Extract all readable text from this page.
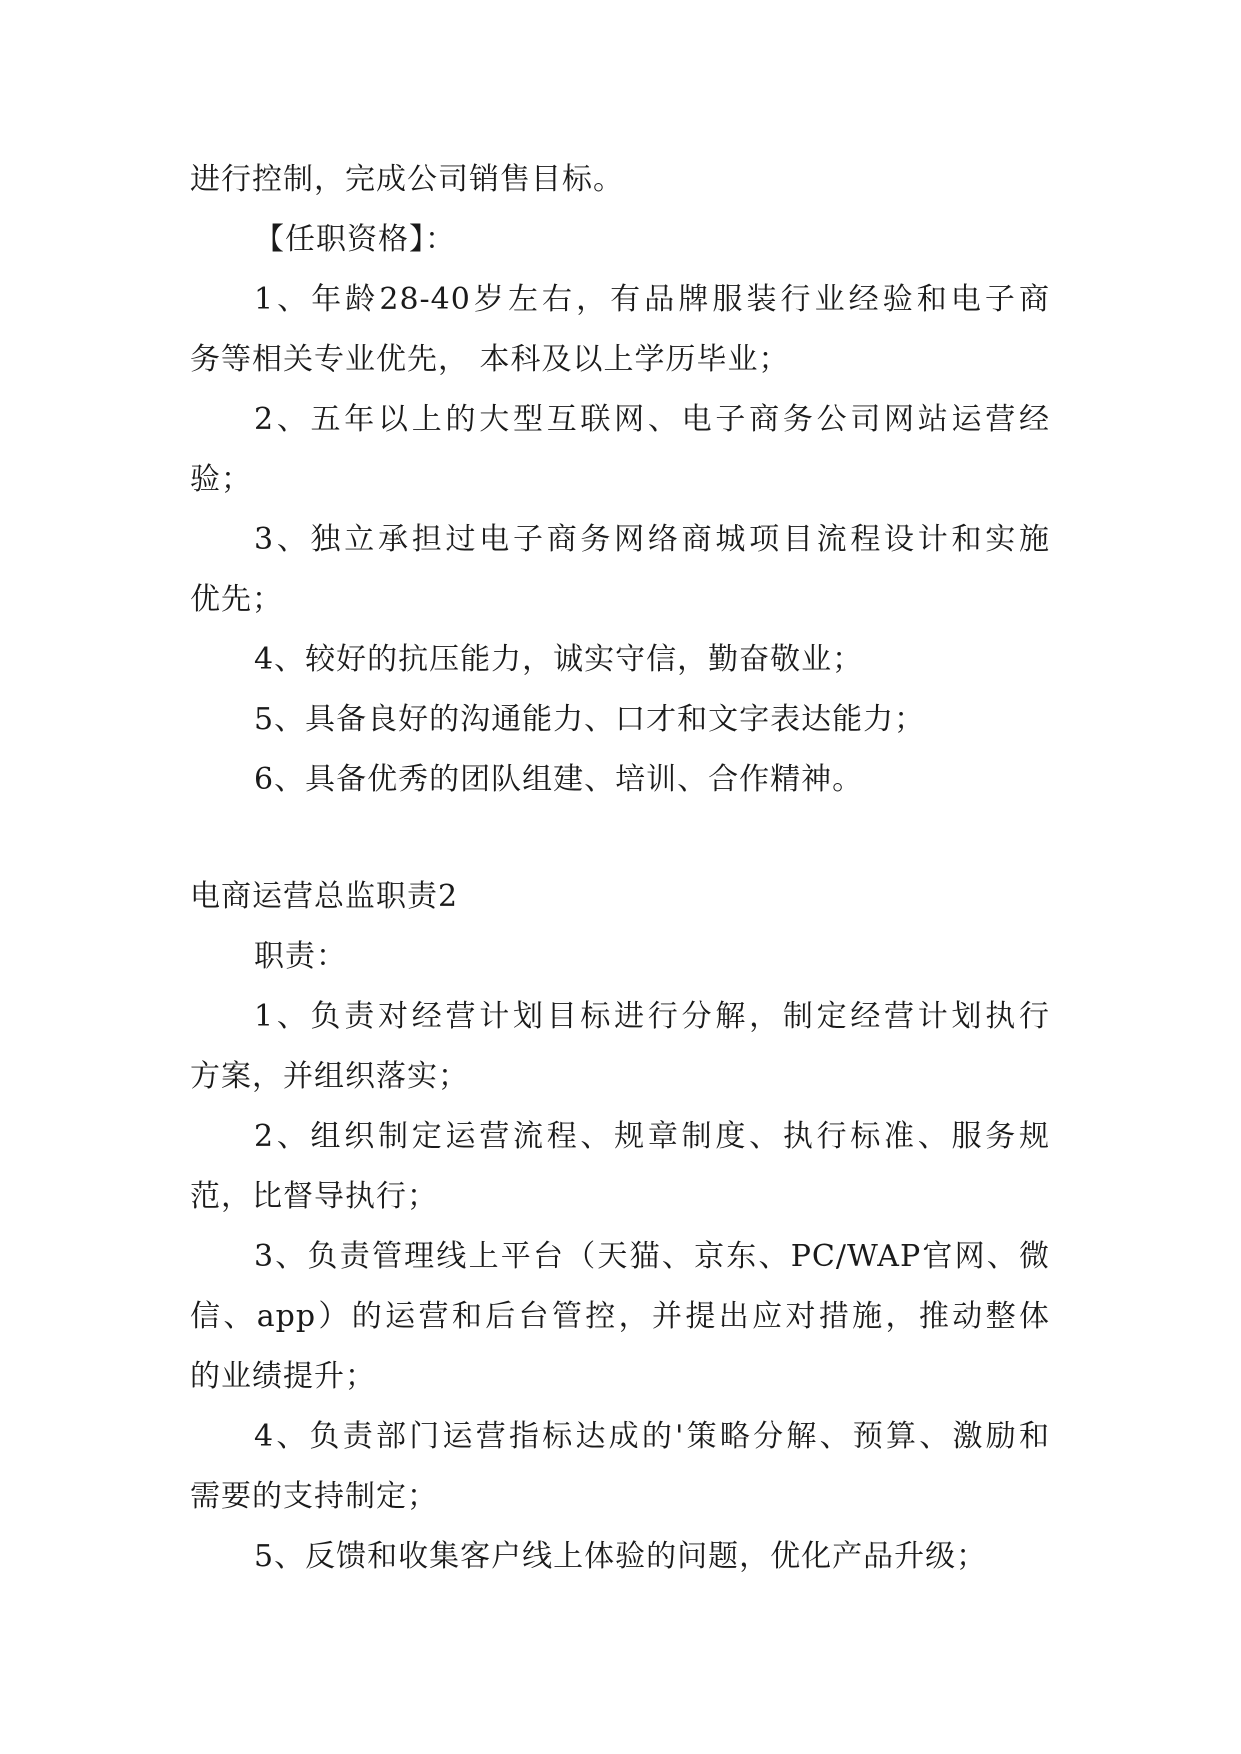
进行控制，完成公司销售目标。
【任职资格】：
1、年龄28-40岁左右，有品牌服装行业经验和电子商
务等相关专业优先， 本科及以上学历毕业；
2、五年以上的大型互联网、电子商务公司网站运营经
验；
3、独立承担过电子商务网络商城项目流程设计和实施
优先；
4、较好的抗压能力，诚实守信，勤奋敬业；
5、具备良好的沟通能力、口才和文字表达能力；
6、具备优秀的团队组建、培训、合作精神。
电商运营总监职责2
职责：
1、负责对经营计划目标进行分解，制定经营计划执行
方案，并组织落实；
2、组织制定运营流程、规章制度、执行标准、服务规
范，比督导执行；
3、负责管理线上平台（天猫、京东、PC/WAP官网、微
信、app）的运营和后台管控，并提出应对措施，推动整体
的业绩提升；
4、负责部门运营指标达成的'策略分解、预算、激励和
需要的支持制定；
5、反馈和收集客户线上体验的问题，优化产品升级；
